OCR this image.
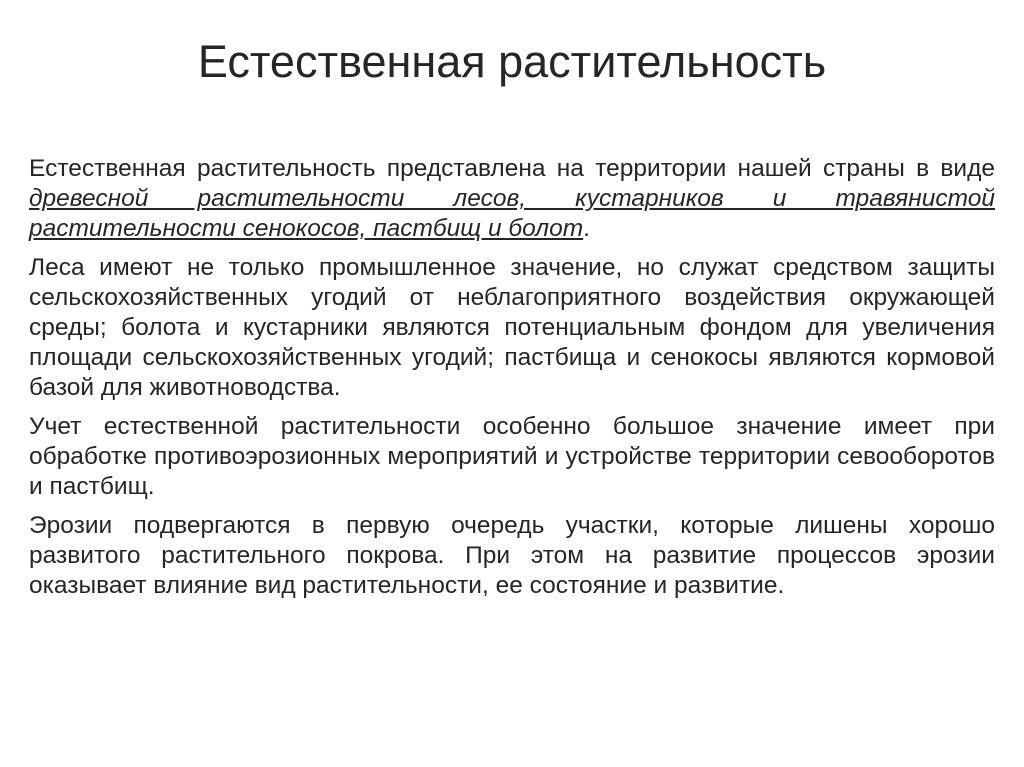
Естественная растительность

Естественная растительность представлена на территории нашей страны в виде древесной растительности лесов, кустарников и травянистой растительности сенокосов, пастбищ и болот.

Леса имеют не только промышленное значение, но служат средством защиты сельскохозяйственных угодий от неблагоприятного воздействия окружающей среды; болота и кустарники являются потенциальным фондом для увеличения площади сельскохозяйственных угодий; пастбища и сенокосы являются кормовой базой для животноводства.

Учет естественной растительности особенно большое значение имеет при обработке противоэрозионных мероприятий и устройстве территории севооборотов и пастбищ.

Эрозии подвергаются в первую очередь участки, которые лишены хорошо развитого растительного покрова. При этом на развитие процессов эрозии оказывает влияние вид растительности, ее состояние и развитие.
